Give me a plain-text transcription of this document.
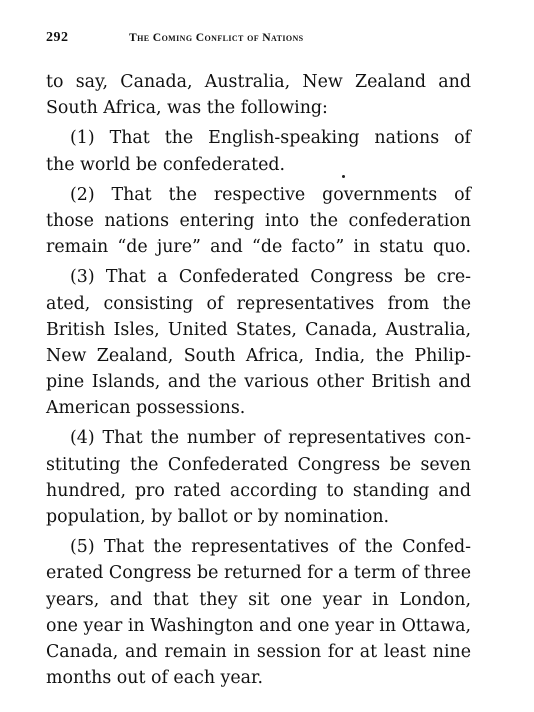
292	The Coming Conflict of Nations
to say, Canada, Australia, New Zealand and
South Africa, was the following:
(1) That the English-speaking nations of
the world be confederated.
(2) That the respective governments of
those nations entering into the confederation
remain “de jure” and “de facto” in statu quo.
(3) That a Confederated Congress be cre-
ated, consisting of representatives from the
British Isles, United States, Canada, Australia,
New Zealand, South Africa, India, the Philip-
pine Islands, and the various other British and
American possessions.
(4) That the number of representatives con-
stituting the Confederated Congress be seven
hundred, pro rated according to standing and
population, by ballot or by nomination.
(5) That the representatives of the Confed-
erated Congress be returned for a term of three
years, and that they sit one year in London,
one year in Washington and one year in Ottawa,
Canada, and remain in session for at least nine
months out of each year.
